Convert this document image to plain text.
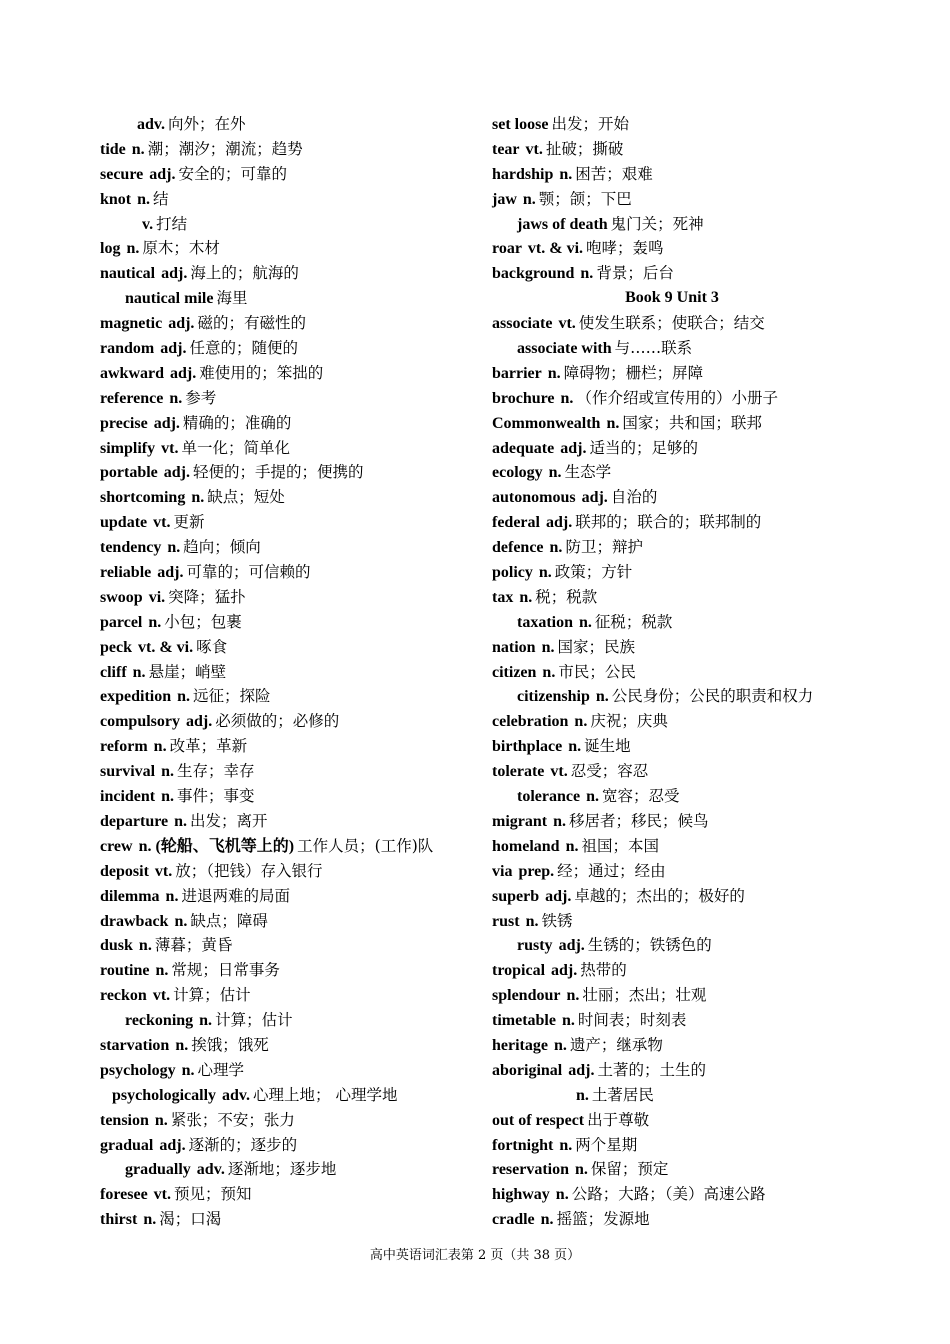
adv. 向外；在外
tide n. 潮；潮汐；潮流；趋势
secure adj. 安全的；可靠的
knot n. 结
v. 打结
log n. 原木；木材
nautical adj. 海上的；航海的
nautical mile 海里
magnetic adj. 磁的；有磁性的
random adj. 任意的；随便的
awkward adj. 难使用的；笨拙的
reference n. 参考
precise adj. 精确的；准确的
simplify vt. 单一化；简单化
portable adj. 轻便的；手提的；便携的
shortcoming n. 缺点；短处
update vt. 更新
tendency n. 趋向；倾向
reliable adj. 可靠的；可信赖的
swoop vi. 突降；猛扑
parcel n. 小包；包裹
peck vt. & vi. 啄食
cliff n. 悬崖；峭壁
expedition n. 远征；探险
compulsory adj. 必须做的；必修的
reform n. 改革；革新
survival n. 生存；幸存
incident n. 事件；事变
departure n. 出发；离开
crew n. (轮船、飞机等上的) 工作人员；(工作)队
deposit vt. 放；（把钱）存入银行
dilemma n. 进退两难的局面
drawback n. 缺点；障碍
dusk n. 薄暮；黄昏
routine n. 常规；日常事务
reckon vt. 计算；估计
reckoning n. 计算；估计
starvation n. 挨饿；饿死
psychology n. 心理学
psychologically adv. 心理上地； 心理学地
tension n. 紧张；不安；张力
gradual adj. 逐渐的；逐步的
gradually adv. 逐渐地；逐步地
foresee vt. 预见；预知
thirst n. 渴；口渴
set loose 出发；开始
tear vt. 扯破；撕破
hardship n. 困苦；艰难
jaw n. 颚；颌；下巴
jaws of death 鬼门关；死神
roar vt. & vi. 咆哮；轰鸣
background n. 背景；后台
Book 9 Unit 3
associate vt. 使发生联系；使联合；结交
associate with 与……联系
barrier n. 障碍物；栅栏；屏障
brochure n. （作介绍或宣传用的）小册子
Commonwealth n. 国家；共和国；联邦
adequate adj. 适当的；足够的
ecology n. 生态学
autonomous adj. 自治的
federal adj. 联邦的；联合的；联邦制的
defence n. 防卫；辩护
policy n. 政策；方针
tax n. 税；税款
taxation n. 征税；税款
nation n. 国家；民族
citizen n. 市民；公民
citizenship n. 公民身份；公民的职责和权力
celebration n. 庆祝；庆典
birthplace n. 诞生地
tolerate vt. 忍受；容忍
tolerance n. 宽容；忍受
migrant n. 移居者；移民；候鸟
homeland n. 祖国；本国
via prep. 经；通过；经由
superb adj. 卓越的；杰出的；极好的
rust n. 铁锈
rusty adj. 生锈的；铁锈色的
tropical adj. 热带的
splendour n. 壮丽；杰出；壮观
timetable n. 时间表；时刻表
heritage n. 遗产；继承物
aboriginal adj. 土著的；土生的
n. 土著居民
out of respect 出于尊敬
fortnight n. 两个星期
reservation n. 保留；预定
highway n. 公路；大路；（美）高速公路
cradle n. 摇篮；发源地
高中英语词汇表第 2 页（共 38 页）
